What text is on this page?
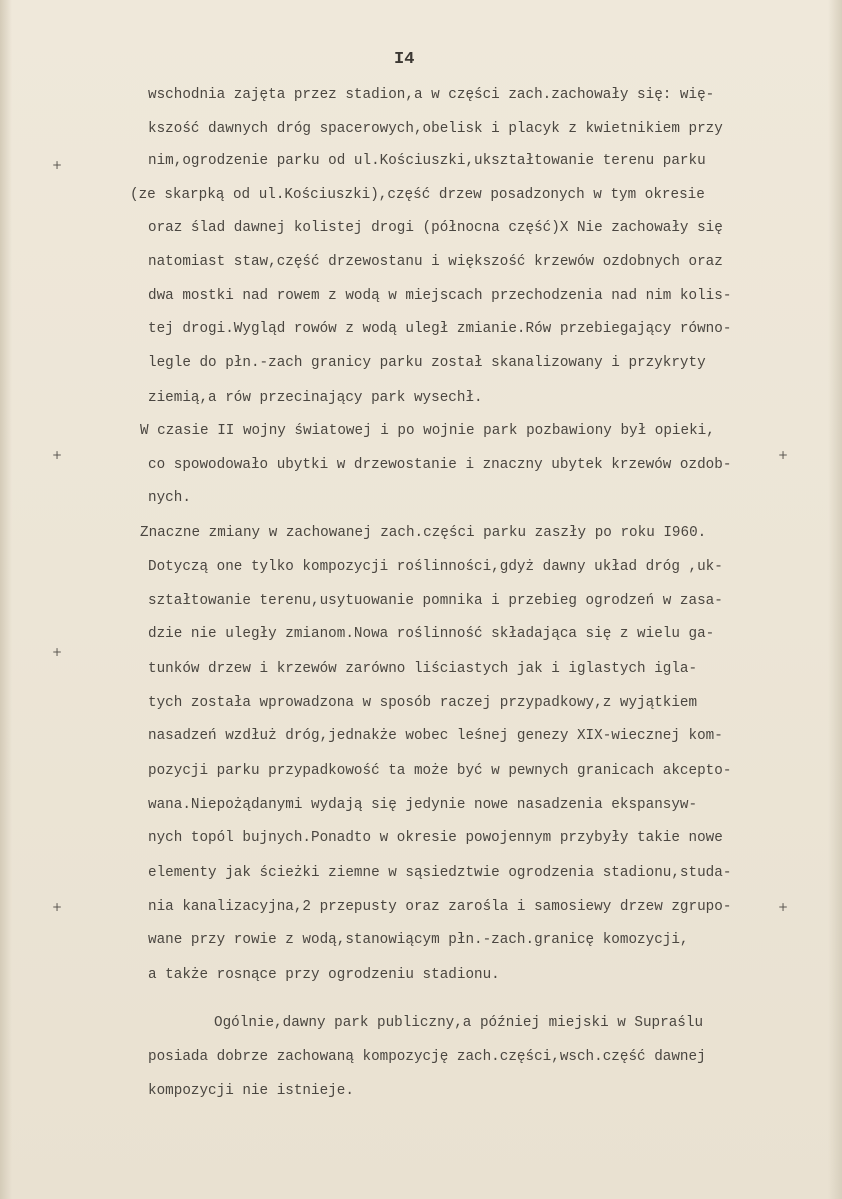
I4
+
+
+
+
+
+
wschodnia zajęta przez stadion,a w części zach.zachowały się: wię-
kszość dawnych dróg spacerowych,obelisk i placyk z kwietnikiem przy
nim,ogrodzenie parku od ul.Kościuszki,ukształtowanie terenu parku
(ze skarpką od ul.Kościuszki),część drzew posadzonych w tym okresie
oraz ślad dawnej kolistej drogi (północna część)X Nie zachowały się
natomiast staw,część drzewostanu i większość krzewów ozdobnych oraz
dwa mostki nad rowem z wodą w miejscach przechodzenia nad nim kolis-
tej drogi.Wygląd rowów z wodą uległ zmianie.Rów przebiegający równo-
legle do płn.-zach granicy parku został skanalizowany i przykryty
ziemią,a rów przecinający park wysechł.
W czasie II wojny światowej i po wojnie park pozbawiony był opieki,
co spowodowało ubytki w drzewostanie i znaczny ubytek krzewów ozdob-
nych.
Znaczne zmiany w zachowanej zach.części parku zaszły po roku I960.
Dotyczą one tylko kompozycji roślinności,gdyż dawny układ dróg ,uk-
ształtowanie terenu,usytuowanie pomnika i przebieg ogrodzeń w zasa-
dzie nie uległy zmianom.Nowa roślinność składająca się z wielu ga-
tunków drzew i krzewów zarówno liściastych jak i iglastych igla-
tych została wprowadzona w sposób raczej przypadkowy,z wyjątkiem
nasadzeń wzdłuż dróg,jednakże wobec leśnej genezy XIX-wiecznej kom-
pozycji parku przypadkowość ta może być w pewnych granicach akcepto-
wana.Niepożądanymi wydają się jedynie nowe nasadzenia ekspansyw-
nych topól bujnych.Ponadto w okresie powojennym przybyły takie nowe
elementy jak ścieżki ziemne w sąsiedztwie ogrodzenia stadionu,studa-
nia kanalizacyjna,2 przepusty oraz zarośla i samosiewy drzew zgrupo-
wane przy rowie z wodą,stanowiącym płn.-zach.granicę komozycji,
a także rosnące przy ogrodzeniu stadionu.
Ogólnie,dawny park publiczny,a później miejski w Supraślu
posiada dobrze zachowaną kompozycję zach.części,wsch.część dawnej
kompozycji nie istnieje.
